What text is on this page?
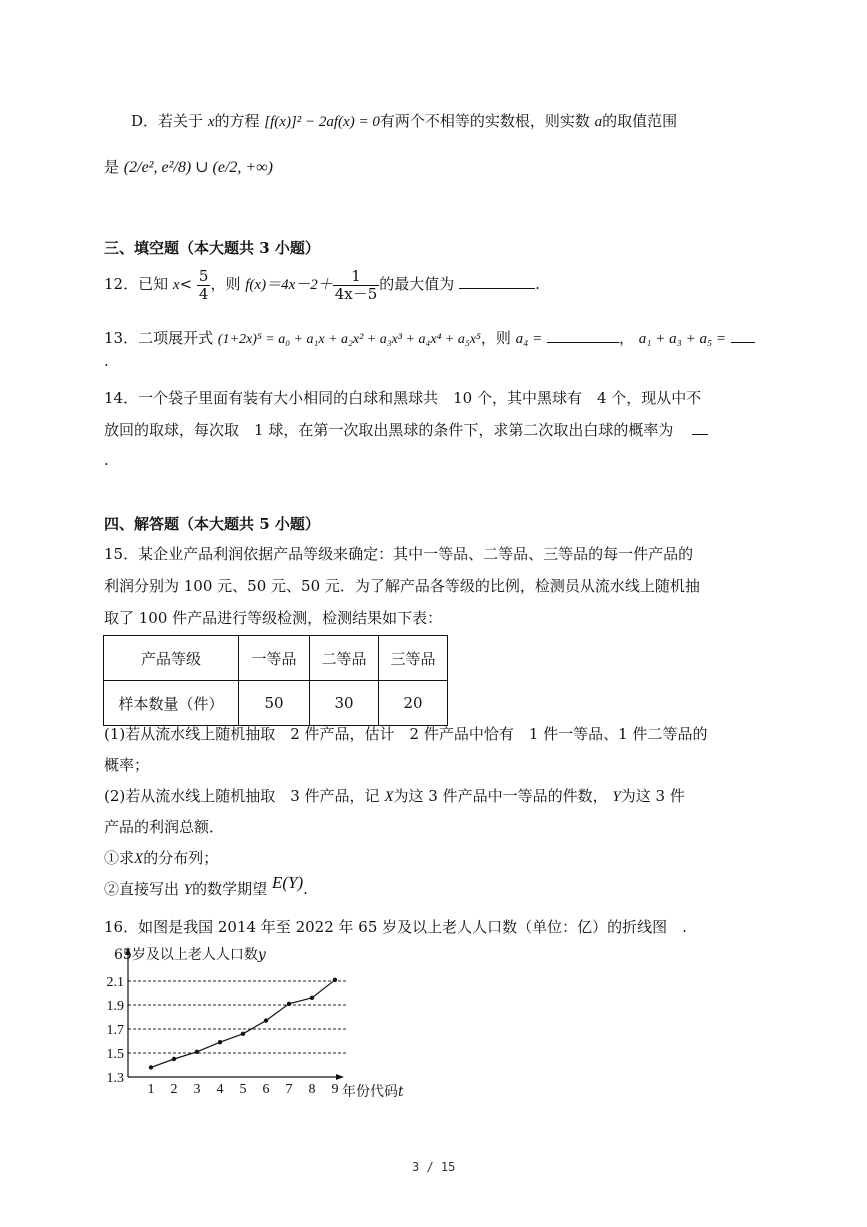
D．若关于 x的方程 [f(x)]² − 2af(x) = 0有两个不相等的实数根，则实数 a的取值范围
是 (2/e², e²/8) ∪ (e/2, +∞)
三、填空题（本大题共 3 小题）
12．已知 $x< \frac{5}{4}$ ，则 $f(x)=4x-2+ \frac{1}{4x-5}$ 的最大值为	.
13．二项展开式 (1+2x)⁵ = a₀ + a₁x + a₂x² + a₃x³ + a₄x⁴ + a₅x⁵，则 a₄ =	， a₁ + a₃ + a₅ =
.
14．一个袋子里面有装有大小相同的白球和黑球共　10 个，其中黑球有　4 个，现从中不
放回的取球，每次取　1 球，在第一次取出黑球的条件下，求第二次取出白球的概率为
.
四、解答题（本大题共 5 小题）
15．某企业产品利润依据产品等级来确定：其中一等品、二等品、三等品的每一件产品的
利润分别为 100 元、50 元、50 元．为了解产品各等级的比例，检测员从流水线上随机抽
取了 100 件产品进行等级检测，检测结果如下表：
产品等级	一等品	二等品	三等品
样本数量（件）	50	30	20
(1)若从流水线上随机抽取　2 件产品，估计　2 件产品中恰有　1 件一等品、1 件二等品的
概率；
(2)若从流水线上随机抽取　3 件产品，记 X为这 3 件产品中一等品的件数， Y为这 3 件
产品的利润总额．
①求X的分布列；
②直接写出 Y的数学期望 E(Y).
16．如图是我国 2014 年至 2022 年 65 岁及以上老人人口数（单位：亿）的折线图　.
1.3
1.5
1.7
1.9
2.1
1 2 3 4 5 6 7 8 9
65岁及以上老人人口数y
年份代码t
3 / 15
